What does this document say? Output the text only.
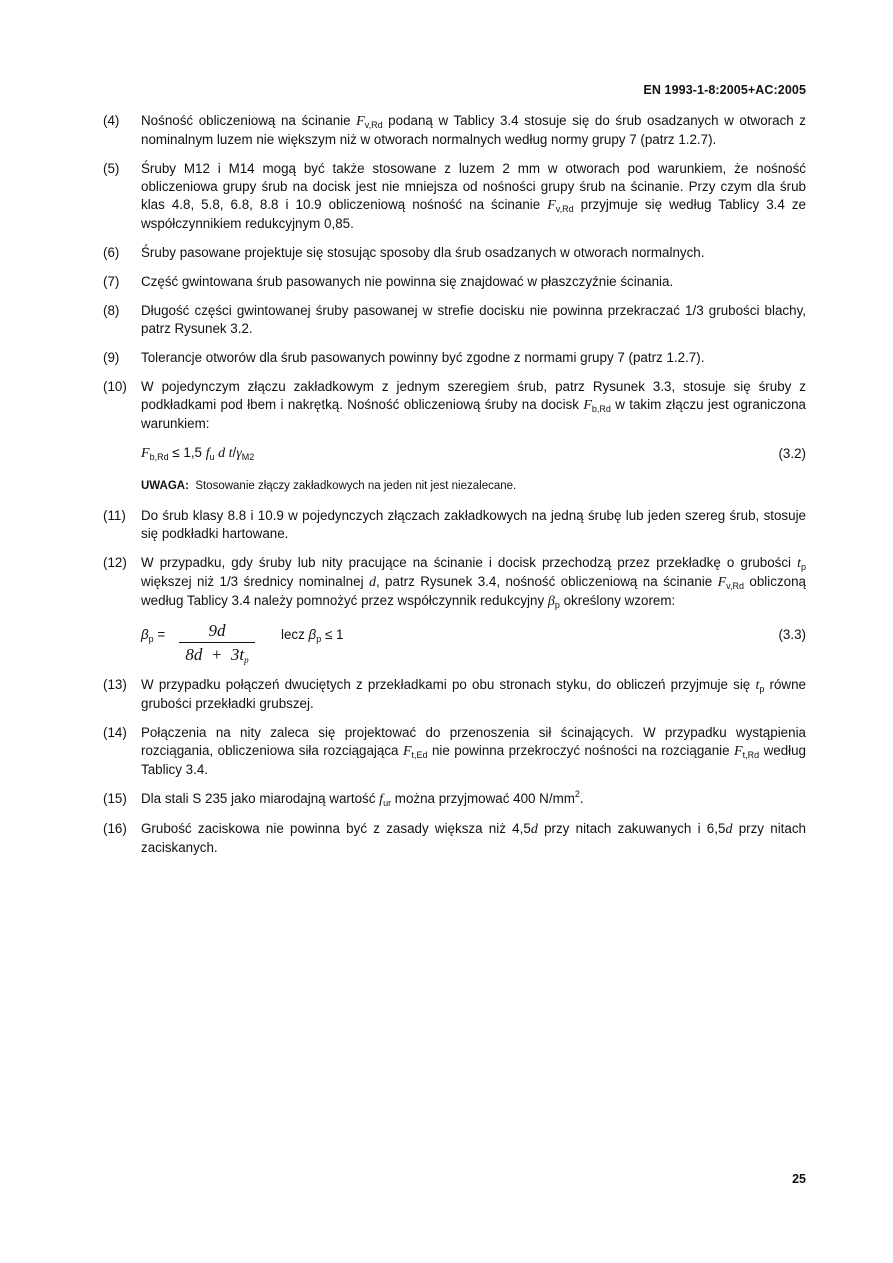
EN 1993-1-8:2005+AC:2005
(4)	Nośność obliczeniową na ścinanie $F_{v,Rd}$ podaną w Tablicy 3.4 stosuje się do śrub osadzanych w otworach z nominalnym luzem nie większym niż w otworach normalnych według normy grupy 7 (patrz 1.2.7).
(5)	Śruby M12 i M14 mogą być także stosowane z luzem 2 mm w otworach pod warunkiem, że nośność obliczeniowa grupy śrub na docisk jest nie mniejsza od nośności grupy śrub na ścinanie. Przy czym dla śrub klas 4.8, 5.8, 6.8, 8.8 i 10.9 obliczeniową nośność na ścinanie $F_{v,Rd}$ przyjmuje się według Tablicy 3.4 ze współczynnikiem redukcyjnym 0,85.
(6)	Śruby pasowane projektuje się stosując sposoby dla śrub osadzanych w otworach normalnych.
(7)	Część gwintowana śrub pasowanych nie powinna się znajdować w płaszczyźnie ścinania.
(8)	Długość części gwintowanej śruby pasowanej w strefie docisku nie powinna przekraczać 1/3 grubości blachy, patrz Rysunek 3.2.
(9)	Tolerancje otworów dla śrub pasowanych powinny być zgodne z normami grupy 7 (patrz 1.2.7).
(10)	W pojedynczym złączu zakładkowym z jednym szeregiem śrub, patrz Rysunek 3.3, stosuje się śruby z podkładkami pod łbem i nakrętką. Nośność obliczeniową śruby na docisk $F_{b,Rd}$ w takim złączu jest ograniczona warunkiem:
$F_{b,Rd} \le 1,5$ $f_u$ d $t/\gamma_{M2}$	(3.2)
UWAGA: Stosowanie złączy zakładkowych na jeden nit jest niezalecane.
(11)	Do śrub klasy 8.8 i 10.9 w pojedynczych złączach zakładkowych na jedną śrubę lub jeden szereg śrub, stosuje się podkładki hartowane.
(12)	W przypadku, gdy śruby lub nity pracujące na ścinanie i docisk przechodzą przez przekładkę o grubości $t_p$ większej niż 1/3 średnicy nominalnej d, patrz Rysunek 3.4, nośność obliczeniową na ścinanie $F_{v,Rd}$ obliczoną według Tablicy 3.4 należy pomnożyć przez współczynnik redukcyjny $\beta_p$ określony wzorem:
$\beta_p = \frac{9d}{8d + 3t_p}$ lecz $\beta_p \le 1$	(3.3)
(13)	W przypadku połączeń dwuciętych z przekładkami po obu stronach styku, do obliczeń przyjmuje się $t_p$ równe grubości przekładki grubszej.
(14)	Połączenia na nity zaleca się projektować do przenoszenia sił ścinających. W przypadku wystąpienia rozciągania, obliczeniowa siła rozciągająca $F_{t,Ed}$ nie powinna przekroczyć nośności na rozciąganie $F_{t,Rd}$ według Tablicy 3.4.
(15)	Dla stali S 235 jako miarodajną wartość $f_{ur}$ można przyjmować 400 $N/mm^2$.
(16)	Grubość zaciskowa nie powinna być z zasady większa niż 4,5d przy nitach zakuwanych i 6,5d przy nitach zaciskanych.
25
